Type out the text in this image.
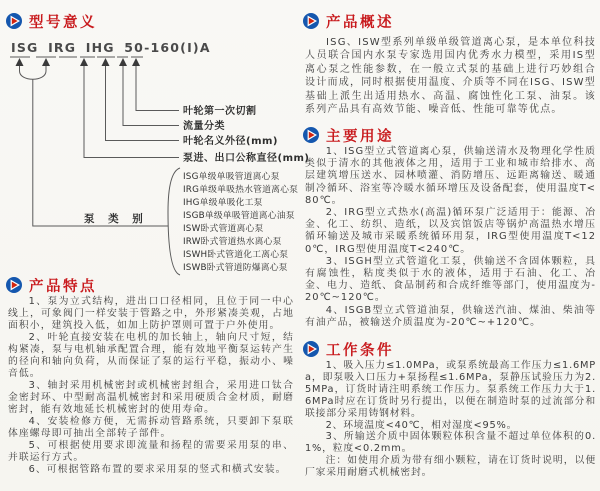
型号意义
ISG IRG IHG 50-160(I)A
叶轮第一次切割
流量分类
叶轮名义外径(mm)
泵进、出口公称直径(mm)
泵 类 别
ISG单级单吸管道离心泵
IRG单级单吸热水管道离心泵
IHG单级单吸化工泵
ISGB单级单吸管道离心油泵
ISW卧式管道离心泵
IRW卧式管道热水离心泵
ISWH卧式管道化工离心泵
ISWB卧式管道防爆离心泵
产品特点

1、泵为立式结构，进出口口径相同，且位于同一中心线上，可象阀门一样安装于管路之中，外形紧凑美观，占地面积小，建筑投入低，如加上防护罩则可置于户外使用。

2、叶轮直接安装在电机的加长轴上，轴向尺寸短，结构紧凑，泵与电机轴承配置合理，能有效地平衡泵运转产生的径向和轴向负荷，从而保证了泵的运行平稳，振动小、噪音低。

3、轴封采用机械密封或机械密封组合，采用进口钛合金密封环、中型耐高温机械密封和采用硬质合金材质，耐磨密封，能有效地延长机械密封的使用寿命。

4、安装检修方便，无需拆动管路系统，只要卸下泵联体座螺母即可抽出全部转子部件。

5、可根据使用要求即流量和扬程的需要采用泵的串、并联运行方式。

6、可根据管路布置的要求采用泵的竖式和横式安装。

产品概述

ISG、ISW型系列单级单级管道离心泵，是本单位科技人员联合国内水泵专家选用国内优秀水力模型，采用IS型离心泵之性能参数，在一般立式泵的基础上进行巧妙组合设计而成，同时根据使用温度、介质等不同在ISG、ISW型基础上派生出适用热水、高温、腐蚀性化工泵、油泵。该系列产品具有高效节能、噪音低、性能可靠等优点。

主要用途

1、ISG型立式管道离心泵，供输送清水及物理化学性质类似于清水的其他液体之用，适用于工业和城市给排水、高层建筑增压送水、园林喷灌、消防增压、远距离输送、暖通制冷循环、浴室等冷暖水循环增压及设备配套，使用温度T<80℃。

2、IRG型立式热水(高温)循环泵广泛适用于：能源、冶金、化工、纺织、造纸，以及宾馆饭店等锅炉高温热水增压循环输送及城市采暖系统循环用泵，IRG型使用温度T<120℃，IRG型使用温度T<240℃。

3、ISGH型立式管道化工泵，供输送不含固体颗粒，具有腐蚀性，粘度类似于水的液体，适用于石油、化工、冶金、电力、造纸、食品制药和合成纤维等部门，使用温度为-20℃~120℃。

4、ISGB型立式管道油泵，供输送汽油、煤油、柴油等有油产品，被输送介质温度为-20℃~+120℃。

工作条件

1、吸入压力≤1.0MPa，或泵系统最高工作压力≤1.6MPa，即泵吸入口压力+泵扬程≤1.6MPa，泵静压试验压力为2.5MPa，订货时请注明系统工作压力。泵系统工作压力大于1.6MPa时应在订货时另行提出，以便在制造时泵的过流部分和联接部分采用铸钢材料。

2、环境温度<40℃，相对湿度<95%。

3、所输送介质中固体颗粒体积含量不超过单位体积的0.1%，粒度<0.2mm。

注：如使用介质为带有细小颗粒，请在订货时说明，以便厂家采用耐磨式机械密封。
